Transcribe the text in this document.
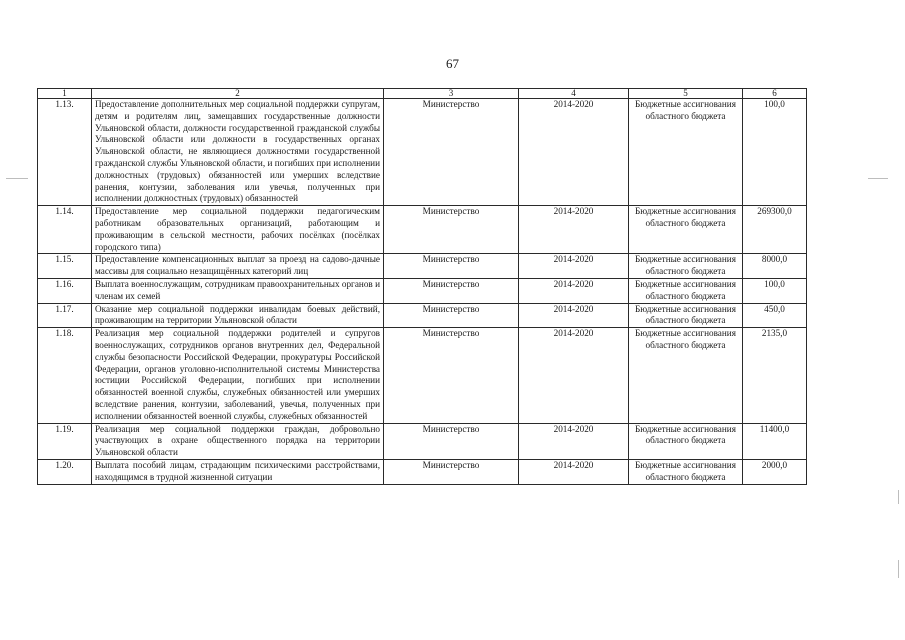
67
1	2	3	4	5	6
1.13.	Предоставление дополнительных мер социальной поддержки супругам, детям и родителям лиц, замещавших государственные должности Ульяновской области, должности государственной гражданской службы Ульяновской области или должности в государственных органах Ульяновской области, не являющиеся должностями государственной гражданской службы Ульяновской области, и погибших при исполнении должностных (трудовых) обязанностей или умерших вследствие ранения, контузии, заболевания или увечья, полученных при исполнении должностных (трудовых) обязанностей	Министерство	2014-2020	Бюджетные ассигнования областного бюджета	100,0
1.14.	Предоставление мер социальной поддержки педагогическим работникам образовательных организаций, работающим и проживающим в сельской местности, рабочих посёлках (посёлках городского типа)	Министерство	2014-2020	Бюджетные ассигнования областного бюджета	269300,0
1.15.	Предоставление компенсационных выплат за проезд на садово-дачные массивы для социально незащищённых категорий лиц	Министерство	2014-2020	Бюджетные ассигнования областного бюджета	8000,0
1.16.	Выплата военнослужащим, сотрудникам правоохранительных органов и членам их семей	Министерство	2014-2020	Бюджетные ассигнования областного бюджета	100,0
1.17.	Оказание мер социальной поддержки инвалидам боевых действий, проживающим на территории Ульяновской области	Министерство	2014-2020	Бюджетные ассигнования областного бюджета	450,0
1.18.	Реализация мер социальной поддержки родителей и супругов военнослужащих, сотрудников органов внутренних дел, Федеральной службы безопасности Российской Федерации, прокуратуры Российской Федерации, органов уголовно-исполнительной системы Министерства юстиции Российской Федерации, погибших при исполнении обязанностей военной службы, служебных обязанностей или умерших вследствие ранения, контузии, заболеваний, увечья, полученных при исполнении обязанностей военной службы, служебных обязанностей	Министерство	2014-2020	Бюджетные ассигнования областного бюджета	2135,0
1.19.	Реализация мер социальной поддержки граждан, добровольно участвующих в охране общественного порядка на территории Ульяновской области	Министерство	2014-2020	Бюджетные ассигнования областного бюджета	11400,0
1.20.	Выплата пособий лицам, страдающим психическими расстройствами, находящимся в трудной жизненной ситуации	Министерство	2014-2020	Бюджетные ассигнования областного бюджета	2000,0
